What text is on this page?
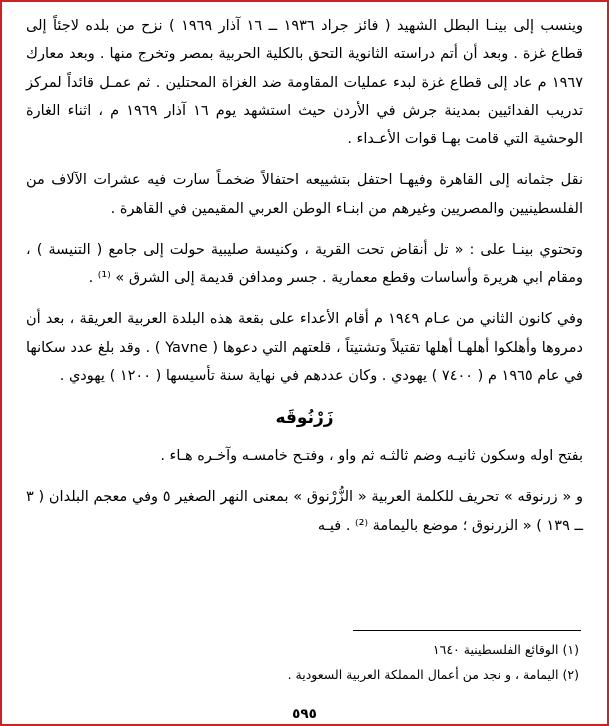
وينسب إلى بينـا البطل الشهيد ( فائز جراد ١٩٣٦ ــ ١٦ آذار ١٩٦٩ ) نزح من بلده لاجئاً إلى قطاع غزة . وبعد أن أتم دراسته الثانوية التحق بالكلية الحربية بمصر وتخرج منها . وبعد معارك ١٩٦٧ م عاد إلى قطاع غزة لبدء عمليات المقاومة ضد الغزاة المحتلين . ثم عمـل قائداً لمركز تدريب الفدائيين بمدينة جرش في الأردن حيث استشهد يوم ١٦ آذار ١٩٦٩ م ، اثناء الغارة الوحشية التي قامت بهـا قوات الأعـداء .

نقل جثمانه إلى القاهرة وفيهـا احتفل بتشييعه احتفالاً ضخمـاً سارت فيه عشرات الآلاف من الفلسطينيين والمصريين وغيرهم من ابنـاء الوطن العربي المقيمين في القاهرة .

وتحتوي بينـا على : « تل أنقاض تحت القرية ، وكنيسة صليبية حولت إلى جامع ( التنيسة ) ، ومقام ابي هريرة وأساسات وقطع معمارية . جسر ومدافن قديمة إلى الشرق » ⁽¹⁾ .

وفي كانون الثاني من عـام ١٩٤٩ م أقام الأعداء على بقعة هذه البلدة العربية العريقة ، بعد أن دمروها وأهلكوا أهلهـا أهلها تقتيلاً وتشتيتاً ، قلعتهم التي دعوها ( Yavne ) . وقد بلغ عدد سكانها في عام ١٩٦٥ م ( ٧٤٠٠ ) يهودي . وكان عددهم في نهاية سنة تأسيسها ( ١٢٠٠ ) يهودي .

زَرْنُوقَه

بفتح اوله وسكون ثانيـه وضم ثالثـه ثم واو ، وفتـح خامسـه وآخـره هـاء .

و « زرنوقه » تحريف للكلمة العربية « الزُّرْنوق » بمعنى النهر الصغير ٥ وفي معجم البلدان ( ٣ ــ ١٣٩ ) « الزرنوق ؛ موضع باليمامة ⁽²⁾ . فيـه

(١) الوقائع الفلسطينية ١٦٤٠
(٢) اليمامة ، و نجد من أعمال المملكة العربية السعودية .
٥٩٥
